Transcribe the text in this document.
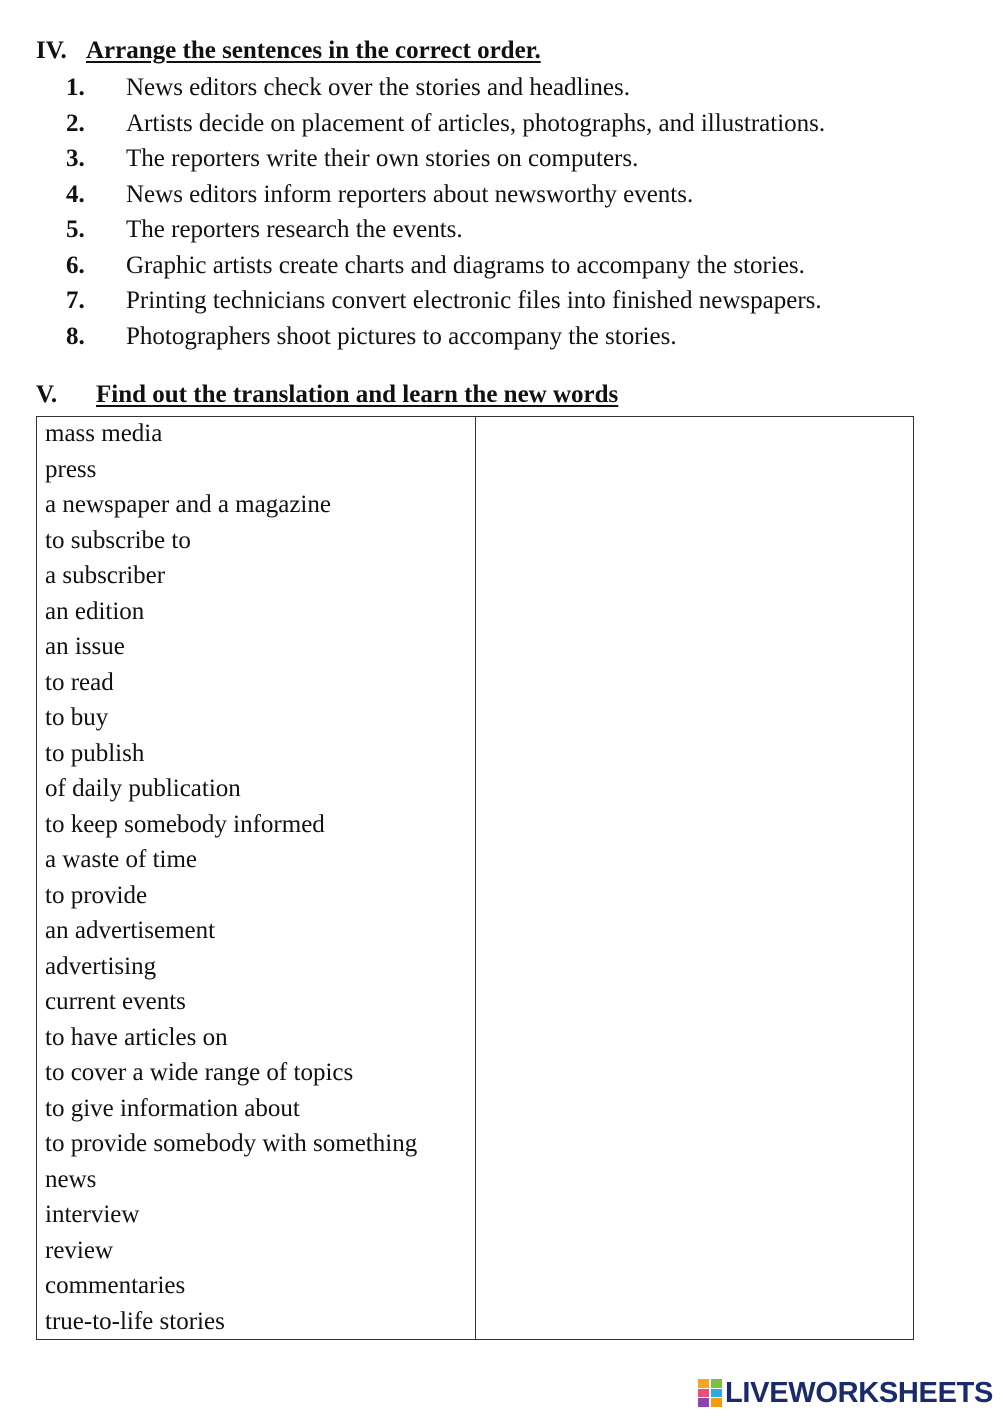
IV. Arrange the sentences in the correct order.
1. News editors check over the stories and headlines.
2. Artists decide on placement of articles, photographs, and illustrations.
3. The reporters write their own stories on computers.
4. News editors inform reporters about newsworthy events.
5. The reporters research the events.
6. Graphic artists create charts and diagrams to accompany the stories.
7. Printing technicians convert electronic files into finished newspapers.
8. Photographers shoot pictures to accompany the stories.
V. Find out the translation and learn the new words
mass media
press
a newspaper and a magazine
to subscribe to
a subscriber
an edition
an issue
to read
to buy
to publish
of daily publication
to keep somebody informed
a waste of time
to provide
an advertisement
advertising
current events
to have articles on
to cover a wide range of topics
to give information about
to provide somebody with something
news
interview
review
commentaries
true-to-life stories
LIVEWORKSHEETS
